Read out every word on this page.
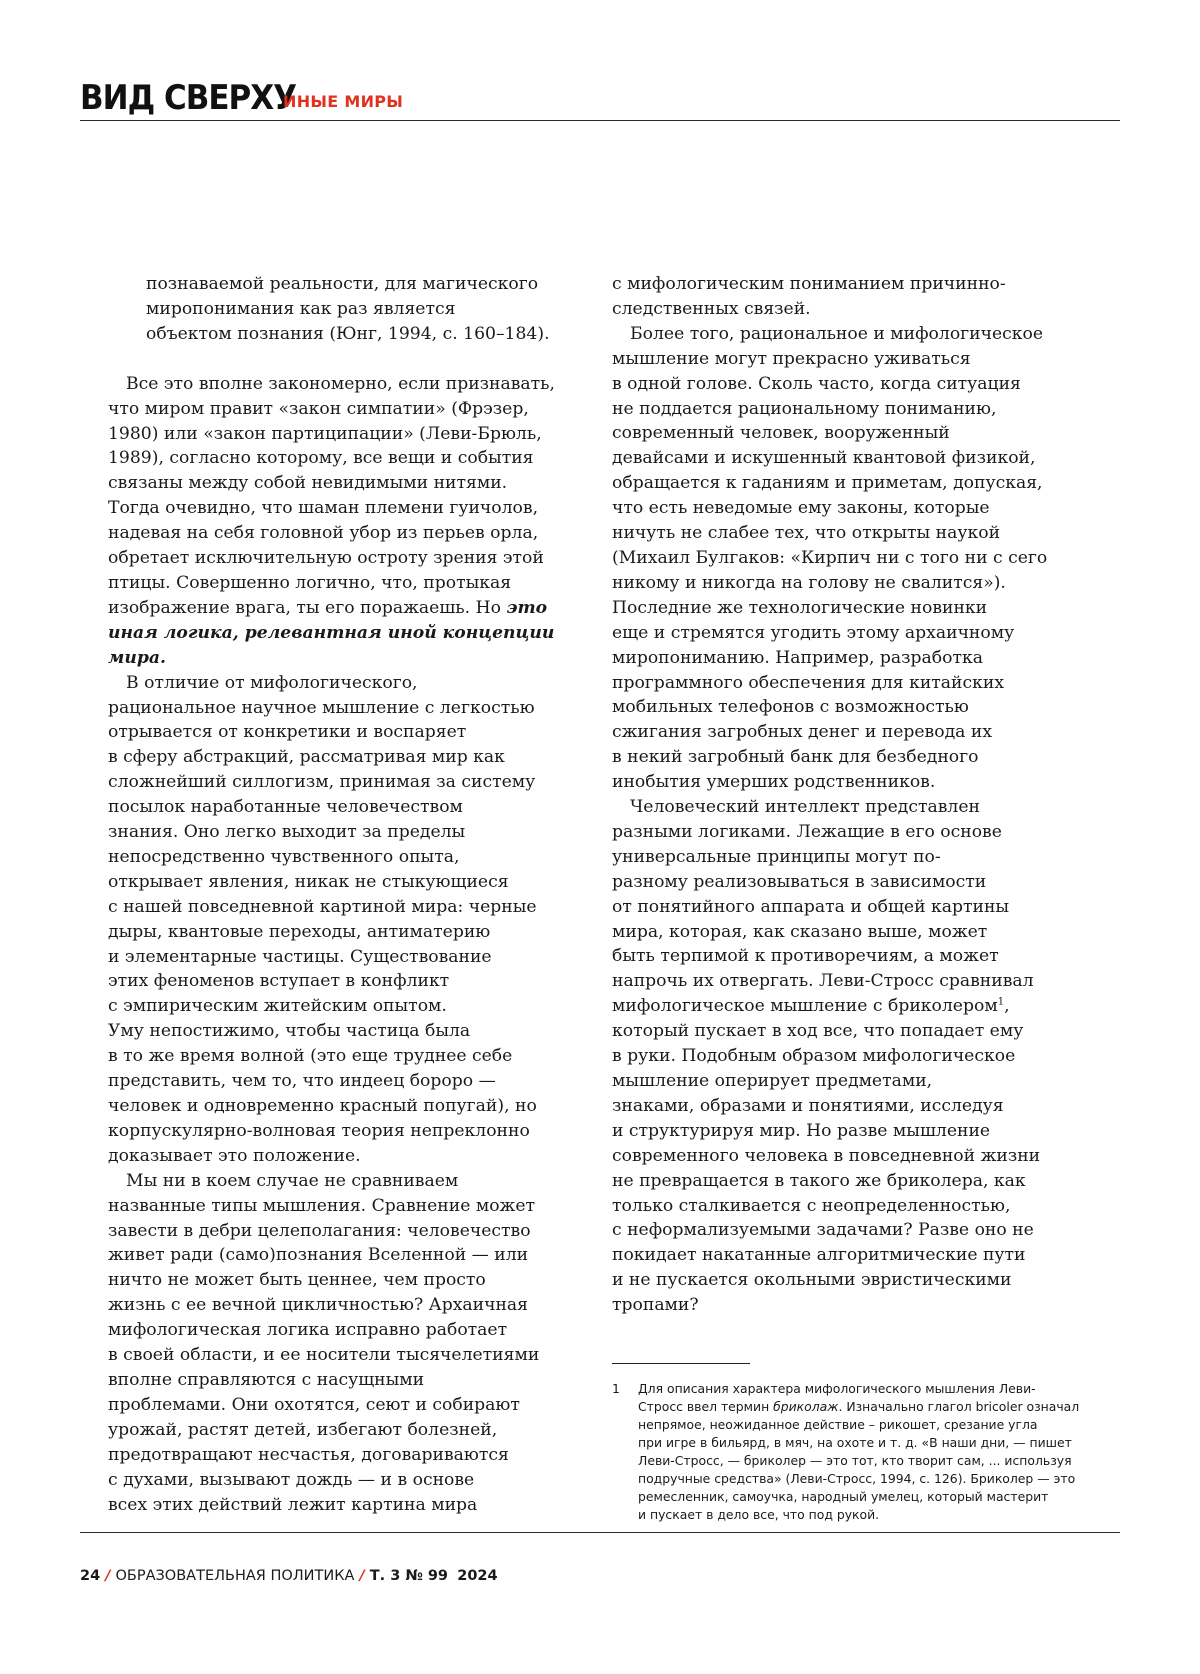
ВИД СВЕРХУ
ИНЫЕ МИРЫ
познаваемой реальности, для магического
миропонимания как раз является
объектом познания (Юнг, 1994, с. 160–184).
Все это вполне закономерно, если признавать,
что миром правит «закон симпатии» (Фрэзер,
1980) или «закон партиципации» (Леви-Брюль,
1989), согласно которому, все вещи и события
связаны между собой невидимыми нитями.
Тогда очевидно, что шаман племени гуичолов,
надевая на себя головной убор из перьев орла,
обретает исключительную остроту зрения этой
птицы. Совершенно логично, что, протыкая
изображение врага, ты его поражаешь. Но это
иная логика, релевантная иной концепции
мира.
В отличие от мифологического,
рациональное научное мышление с легкостью
отрывается от конкретики и воспаряет
в сферу абстракций, рассматривая мир как
сложнейший силлогизм, принимая за систему
посылок наработанные человечеством
знания. Оно легко выходит за пределы
непосредственно чувственного опыта,
открывает явления, никак не стыкующиеся
с нашей повседневной картиной мира: черные
дыры, квантовые переходы, антиматерию
и элементарные частицы. Существование
этих феноменов вступает в конфликт
с эмпирическим житейским опытом.
Уму непостижимо, чтобы частица была
в то же время волной (это еще труднее себе
представить, чем то, что индеец бороро —
человек и одновременно красный попугай), но
корпускулярно-волновая теория непреклонно
доказывает это положение.
Мы ни в коем случае не сравниваем
названные типы мышления. Сравнение может
завести в дебри целеполагания: человечество
живет ради (само)познания Вселенной — или
ничто не может быть ценнее, чем просто
жизнь с ее вечной цикличностью? Архаичная
мифологическая логика исправно работает
в своей области, и ее носители тысячелетиями
вполне справляются с насущными
проблемами. Они охотятся, сеют и собирают
урожай, растят детей, избегают болезней,
предотвращают несчастья, договариваются
с духами, вызывают дождь — и в основе
всех этих действий лежит картина мира
с мифологическим пониманием причинно-
следственных связей.
Более того, рациональное и мифологическое
мышление могут прекрасно уживаться
в одной голове. Сколь часто, когда ситуация
не поддается рациональному пониманию,
современный человек, вооруженный
девайсами и искушенный квантовой физикой,
обращается к гаданиям и приметам, допуская,
что есть неведомые ему законы, которые
ничуть не слабее тех, что открыты наукой
(Михаил Булгаков: «Кирпич ни с того ни с сего
никому и никогда на голову не свалится»).
Последние же технологические новинки
еще и стремятся угодить этому архаичному
миропониманию. Например, разработка
программного обеспечения для китайских
мобильных телефонов с возможностью
сжигания загробных денег и перевода их
в некий загробный банк для безбедного
инобытия умерших родственников.
Человеческий интеллект представлен
разными логиками. Лежащие в его основе
универсальные принципы могут по-
разному реализовываться в зависимости
от понятийного аппарата и общей картины
мира, которая, как сказано выше, может
быть терпимой к противоречиям, а может
напрочь их отвергать. Леви-Стросс сравнивал
мифологическое мышление с бриколером1,
который пускает в ход все, что попадает ему
в руки. Подобным образом мифологическое
мышление оперирует предметами,
знаками, образами и понятиями, исследуя
и структурируя мир. Но разве мышление
современного человека в повседневной жизни
не превращается в такого же бриколера, как
только сталкивается с неопределенностью,
с неформализуемыми задачами? Разве оно не
покидает накатанные алгоритмические пути
и не пускается окольными эвристическими
тропами?
1 Для описания характера мифологического мышления Леви-
Стросс ввел термин бриколаж. Изначально глагол bricoler означал
непрямое, неожиданное действие – рикошет, срезание угла
при игре в бильярд, в мяч, на охоте и т. д. «В наши дни, — пишет
Леви-Стросс, — бриколер — это тот, кто творит сам, ... используя
подручные средства» (Леви-Стросс, 1994, с. 126). Бриколер — это
ремесленник, самоучка, народный умелец, который мастерит
и пускает в дело все, что под рукой.
24 / ОБРАЗОВАТЕЛЬНАЯ ПОЛИТИКА / Т. 3 № 99 2024
